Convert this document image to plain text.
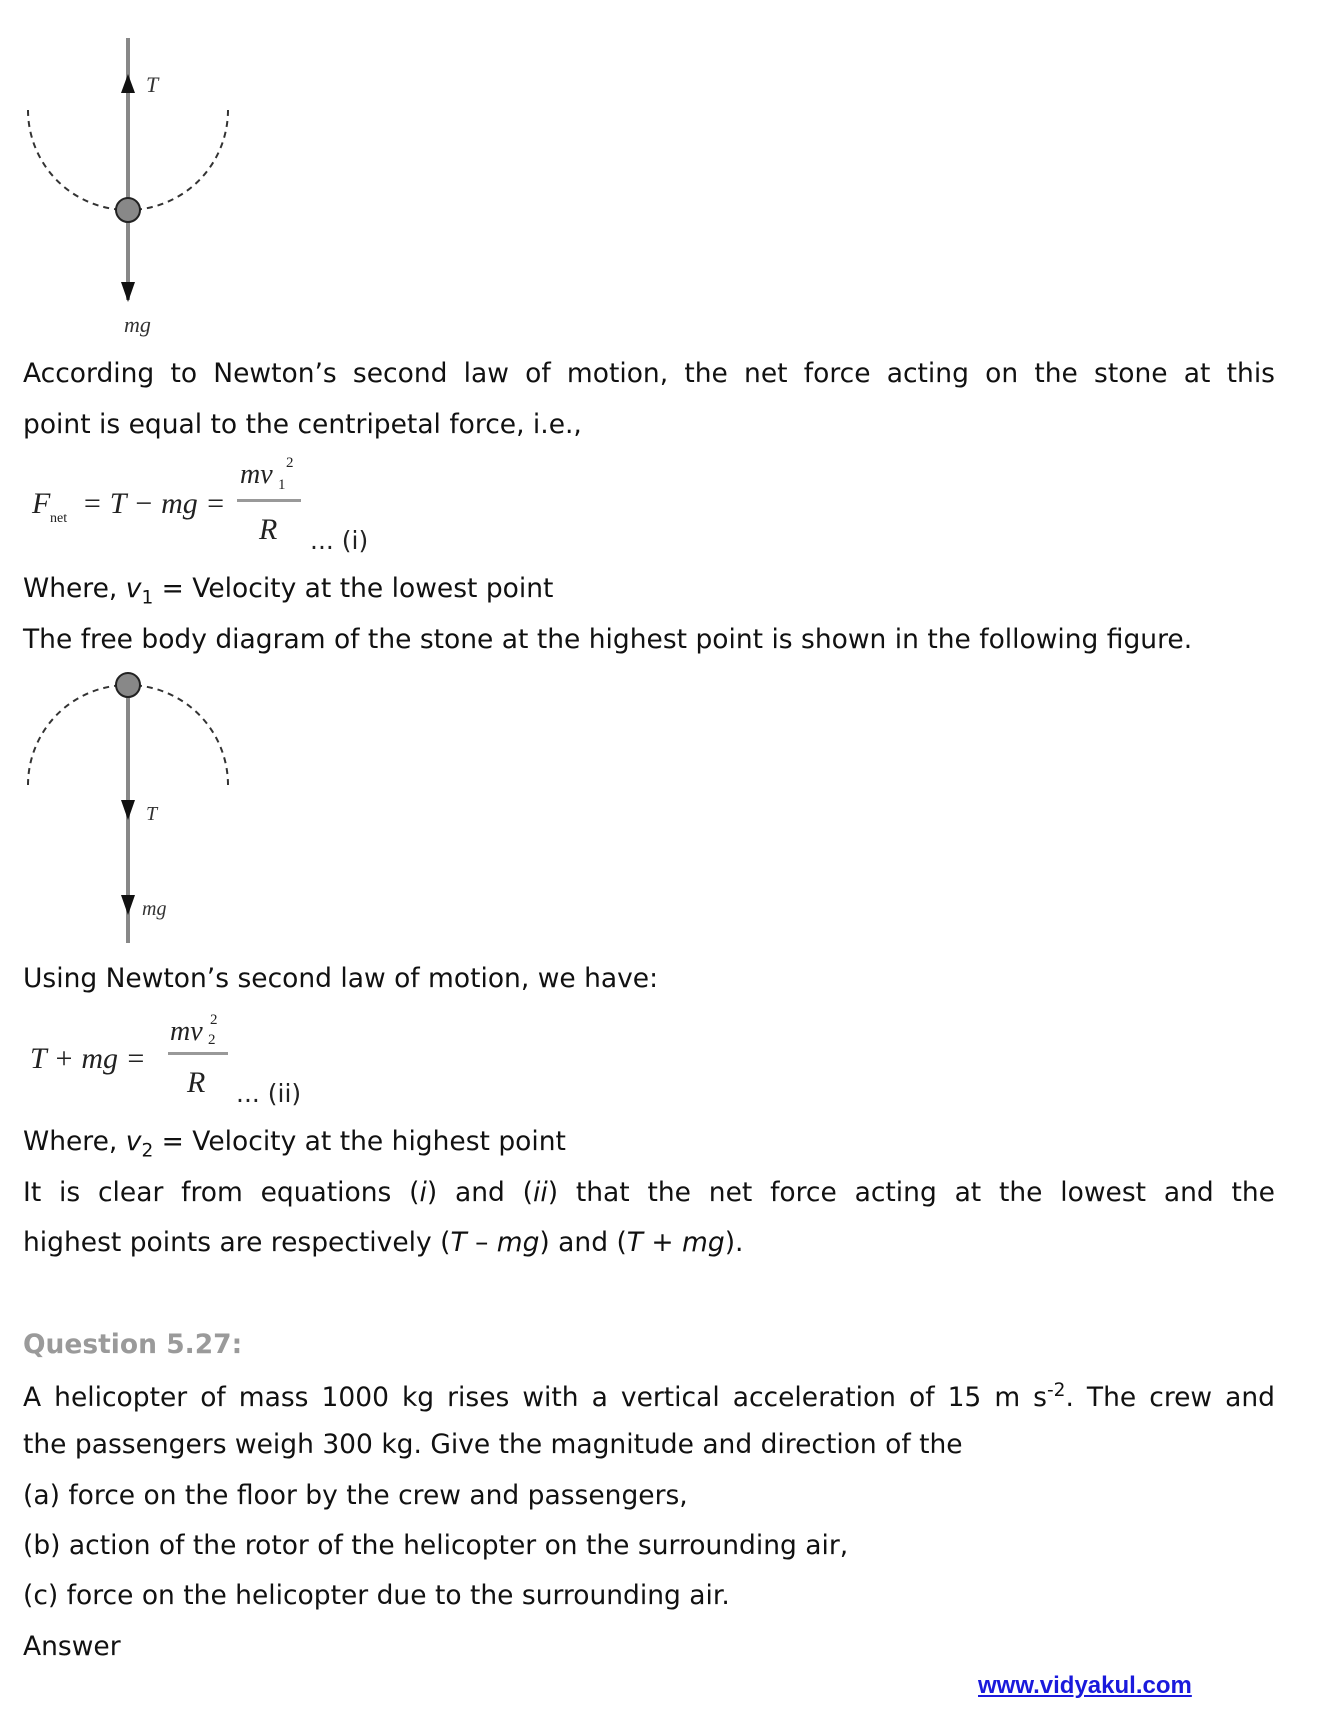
T
mg
According to Newton’s second law of motion, the net force acting on the stone at this
point is equal to the centripetal force, i.e.,
F net = T − mg =
mv 1
2
R ... (i)
Where, $v_1$ = Velocity at the lowest point
The free body diagram of the stone at the highest point is shown in the following figure.
T
mg
Using Newton’s second law of motion, we have:
T + mg =
mv 2
2
R ... (ii)
Where, $v_2$ = Velocity at the highest point
It is clear from equations (i) and (ii) that the net force acting at the lowest and the
highest points are respectively (T – mg) and (T + mg).
Question 5.27:
A helicopter of mass 1000 kg rises with a vertical acceleration of 15 m $s^{-2}$. The crew and
the passengers weigh 300 kg. Give the magnitude and direction of the
(a) force on the floor by the crew and passengers,
(b) action of the rotor of the helicopter on the surrounding air,
(c) force on the helicopter due to the surrounding air.
Answer
www.vidyakul.com
